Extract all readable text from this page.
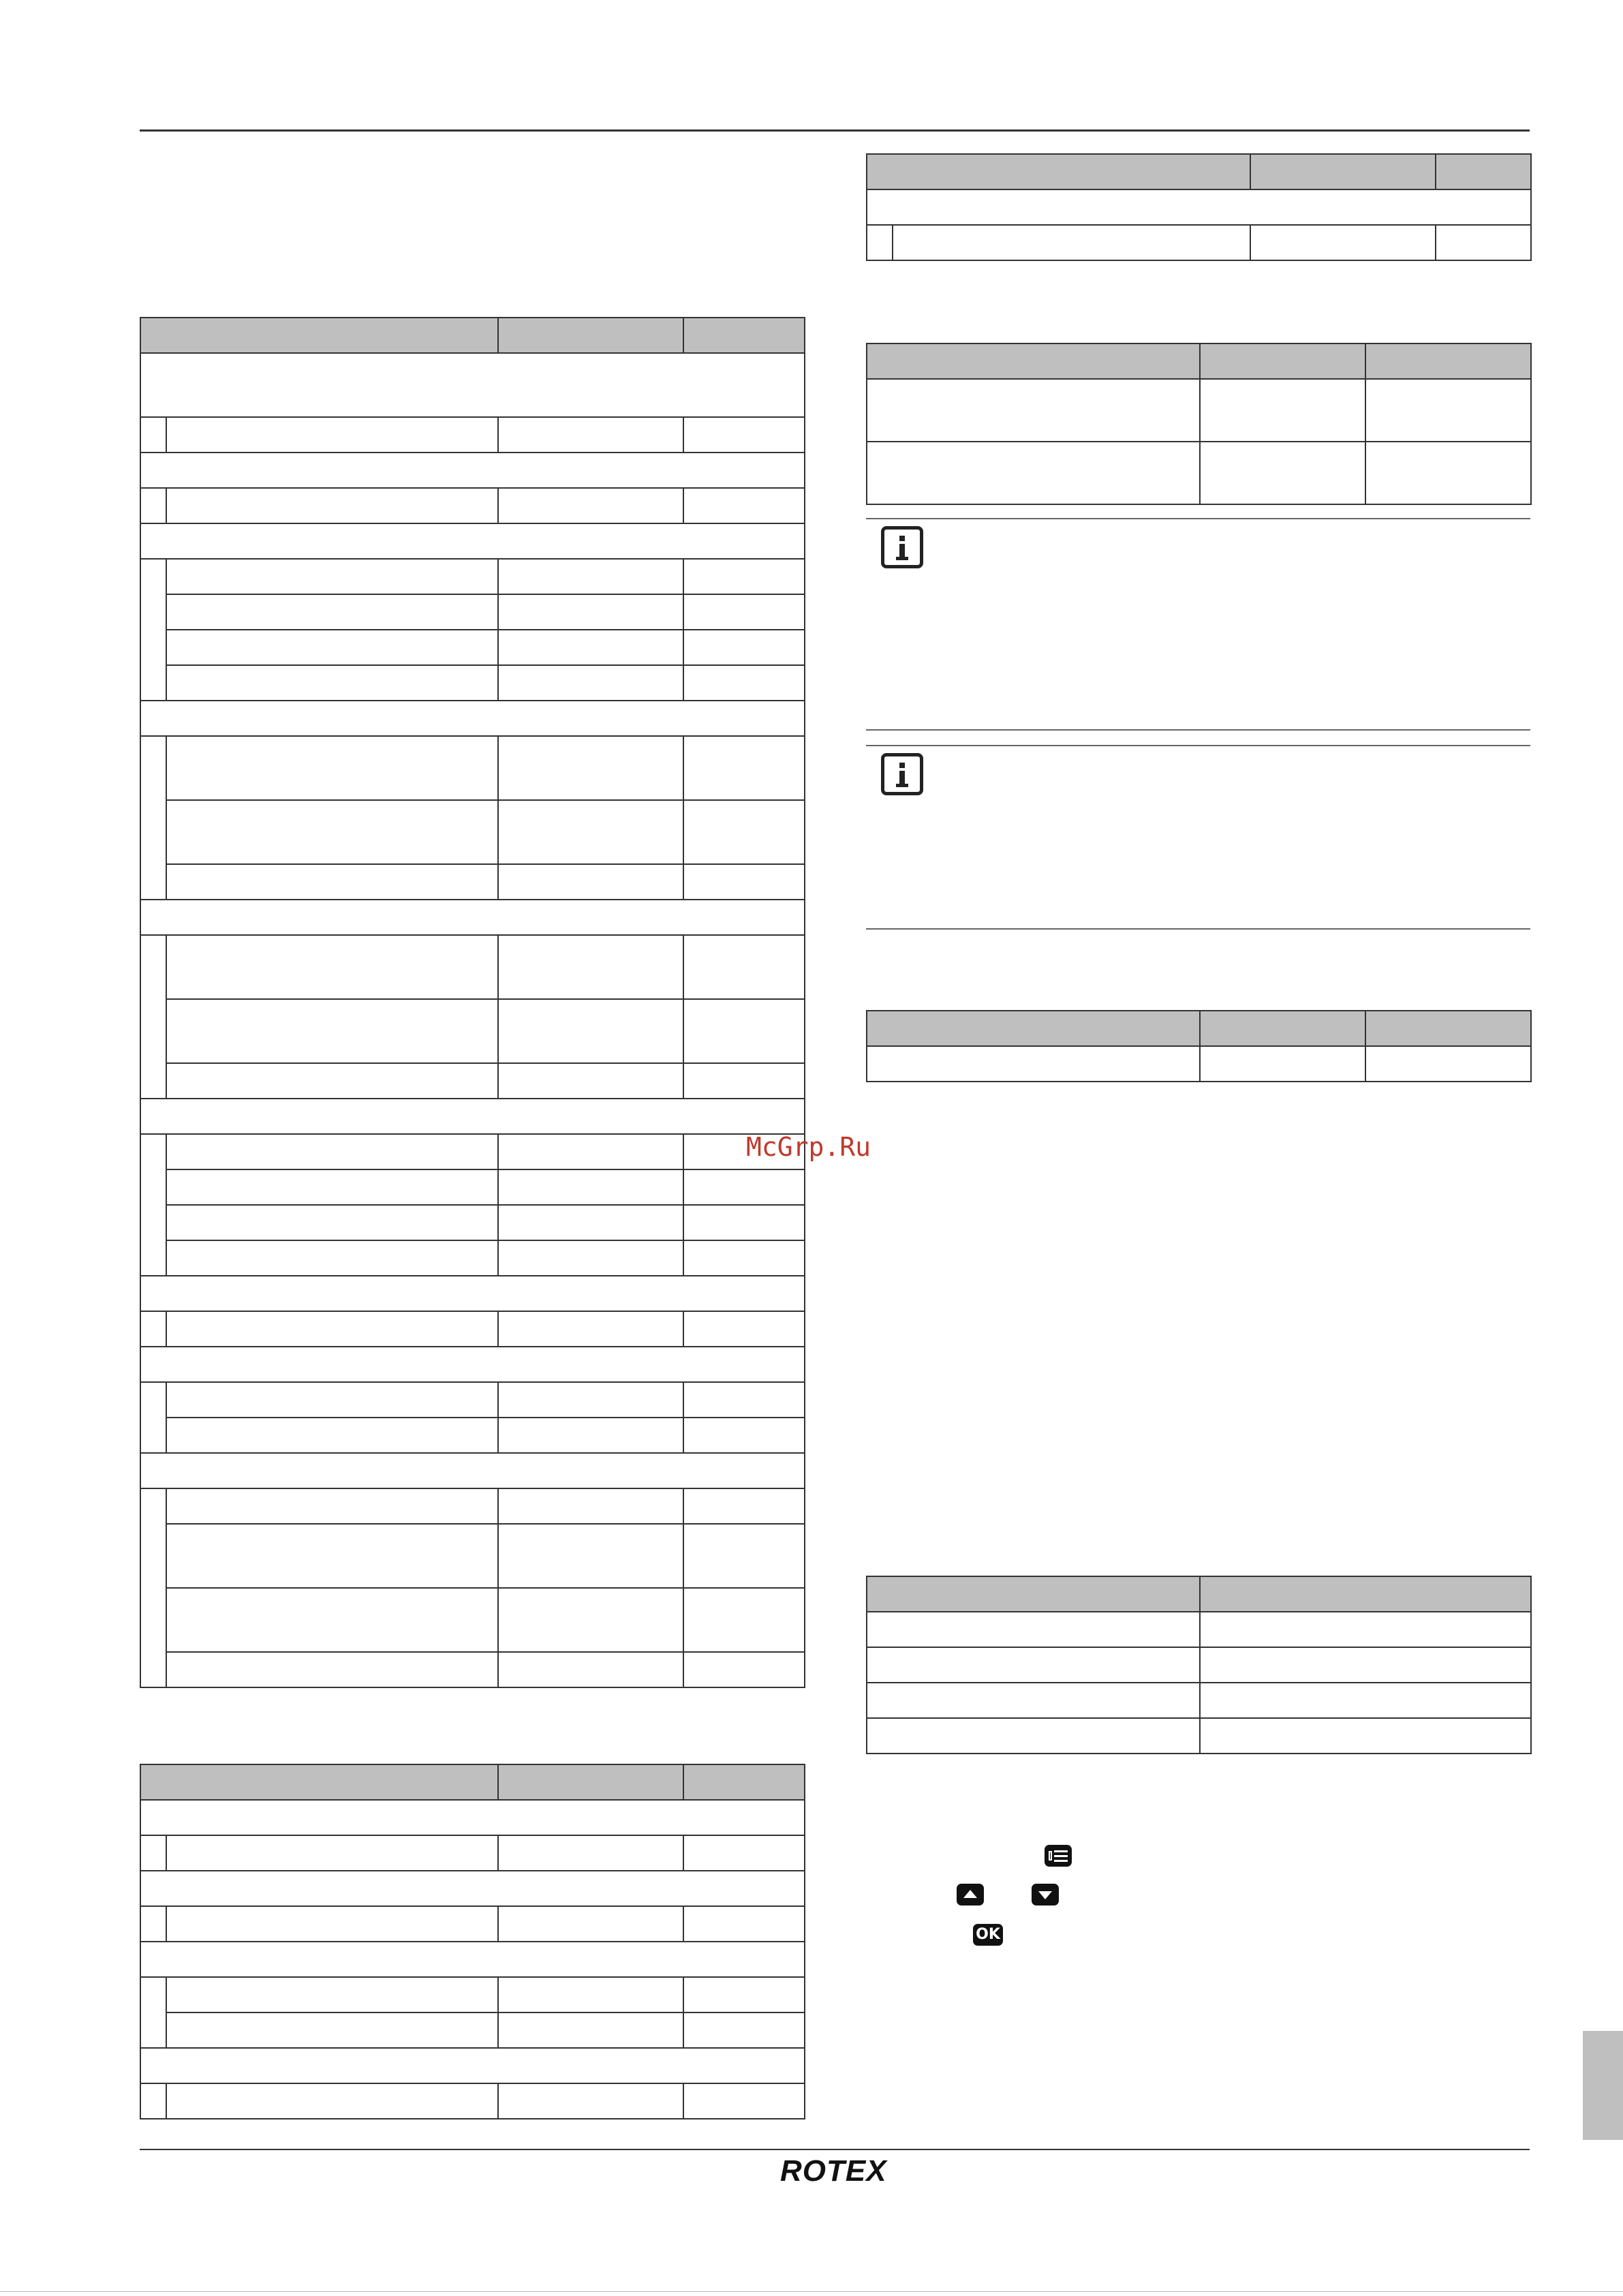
OK
McGrp.Ru
ROTEX
